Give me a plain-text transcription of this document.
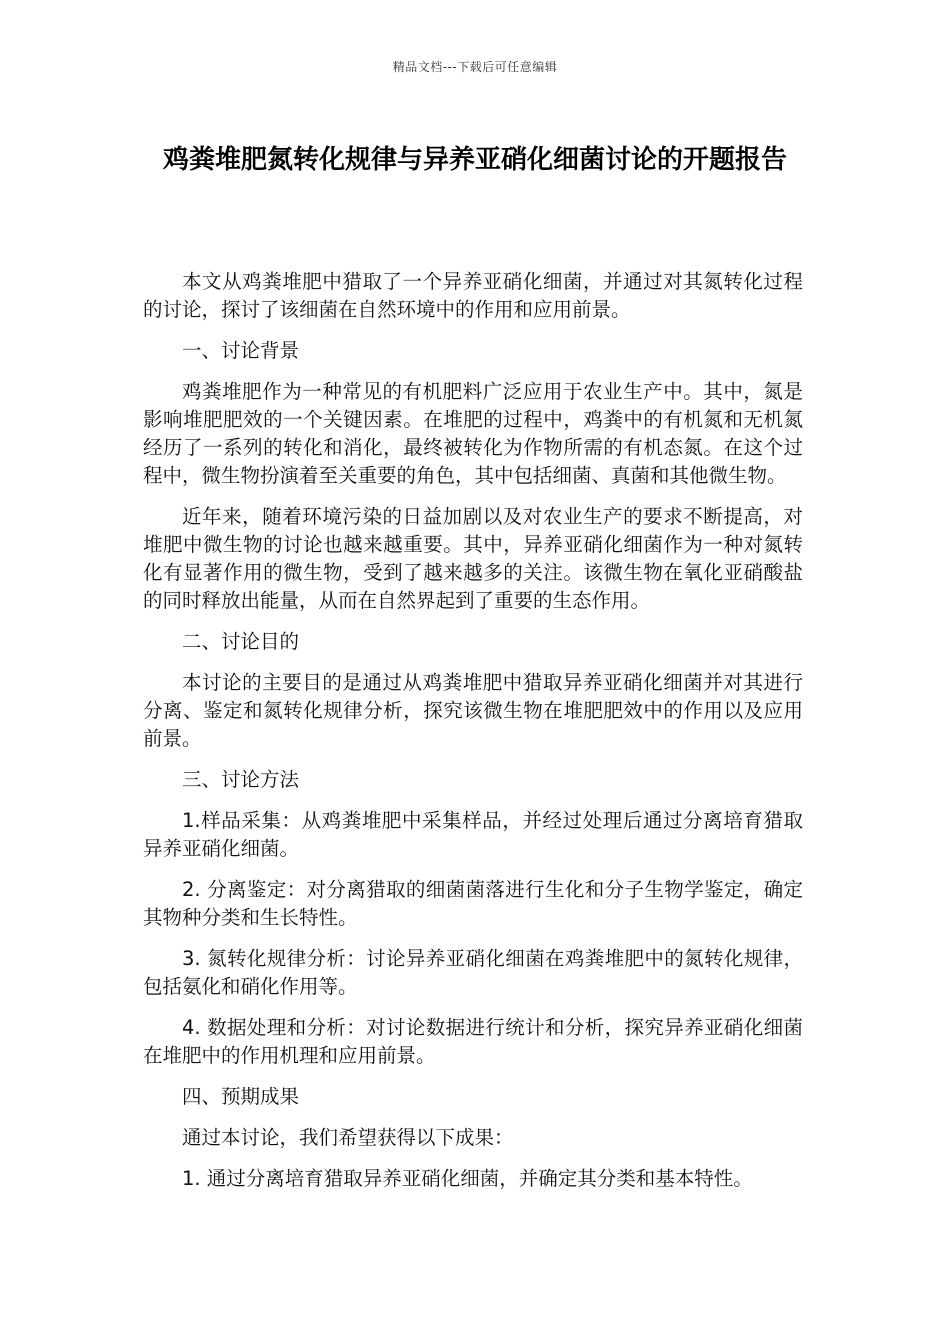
精品文档---下载后可任意编辑
鸡粪堆肥氮转化规律与异养亚硝化细菌讨论的开题报告

本文从鸡粪堆肥中猎取了一个异养亚硝化细菌，并通过对其氮转化过程的讨论，探讨了该细菌在自然环境中的作用和应用前景。

一、讨论背景

鸡粪堆肥作为一种常见的有机肥料广泛应用于农业生产中。其中，氮是影响堆肥肥效的一个关键因素。在堆肥的过程中，鸡粪中的有机氮和无机氮经历了一系列的转化和消化，最终被转化为作物所需的有机态氮。在这个过程中，微生物扮演着至关重要的角色，其中包括细菌、真菌和其他微生物。

近年来，随着环境污染的日益加剧以及对农业生产的要求不断提高，对堆肥中微生物的讨论也越来越重要。其中，异养亚硝化细菌作为一种对氮转化有显著作用的微生物，受到了越来越多的关注。该微生物在氧化亚硝酸盐的同时释放出能量，从而在自然界起到了重要的生态作用。

二、讨论目的

本讨论的主要目的是通过从鸡粪堆肥中猎取异养亚硝化细菌并对其进行分离、鉴定和氮转化规律分析，探究该微生物在堆肥肥效中的作用以及应用前景。

三、讨论方法

1.样品采集：从鸡粪堆肥中采集样品，并经过处理后通过分离培育猎取异养亚硝化细菌。

2. 分离鉴定：对分离猎取的细菌菌落进行生化和分子生物学鉴定，确定其物种分类和生长特性。

3. 氮转化规律分析：讨论异养亚硝化细菌在鸡粪堆肥中的氮转化规律，包括氨化和硝化作用等。

4. 数据处理和分析：对讨论数据进行统计和分析，探究异养亚硝化细菌在堆肥中的作用机理和应用前景。

四、预期成果

通过本讨论，我们希望获得以下成果：

1. 通过分离培育猎取异养亚硝化细菌，并确定其分类和基本特性。
